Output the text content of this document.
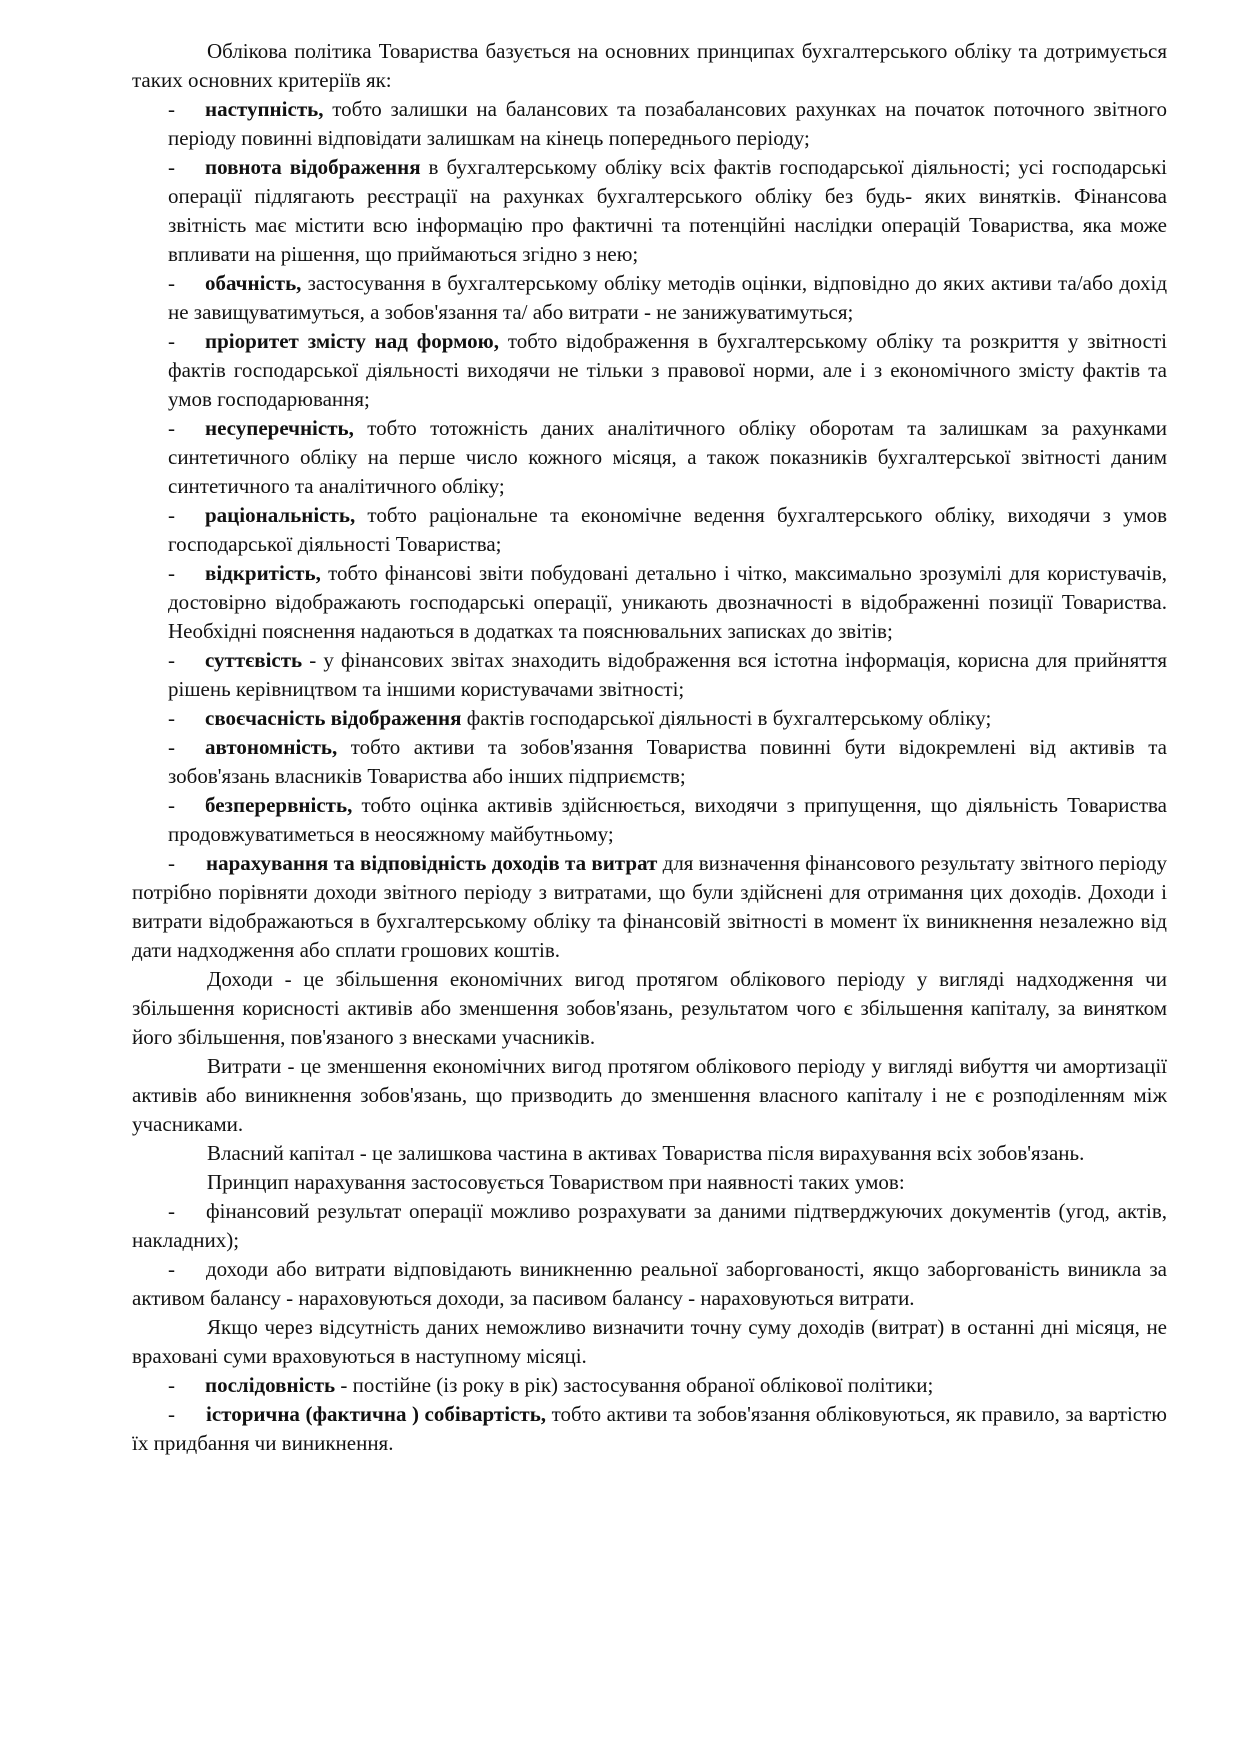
Облікова політика Товариства базується на основних принципах бухгалтерського обліку та дотримується таких основних критеріїв як:

-	наступність, тобто залишки на балансових та позабалансових рахунках на початок поточного звітного періоду повинні відповідати залишкам на кінець попереднього періоду;
-	повнота відображення в бухгалтерському обліку всіх фактів господарської діяльності; усі господарські операції підлягають реєстрації на рахунках бухгалтерського обліку без будь- яких винятків. Фінансова звітність має містити всю інформацію про фактичні та потенційні наслідки операцій Товариства, яка може впливати на рішення, що приймаються згідно з нею;
-	обачність, застосування в бухгалтерському обліку методів оцінки, відповідно до яких активи та/або дохід не завищуватимуться, а зобов'язання та/ або витрати - не занижуватимуться;
-	пріоритет змісту над формою, тобто відображення в бухгалтерському обліку та розкриття у звітності фактів господарської діяльності виходячи не тільки з правової норми, але і з економічного змісту фактів та умов господарювання;
-	несуперечність, тобто тотожність даних аналітичного обліку оборотам та залишкам за рахунками синтетичного обліку на перше число кожного місяця, а також показників бухгалтерської звітності даним синтетичного та аналітичного обліку;
-	раціональність, тобто раціональне та економічне ведення бухгалтерського обліку, виходячи з умов господарської діяльності Товариства;
-	відкритість, тобто фінансові звіти побудовані детально і чітко, максимально зрозумілі для користувачів, достовірно відображають господарські операції, уникають двозначності в відображенні позиції Товариства. Необхідні пояснення надаються в додатках та пояснювальних записках до звітів;
-	суттєвість - у фінансових звітах знаходить відображення вся істотна інформація, корисна для прийняття рішень керівництвом та іншими користувачами звітності;
-	своєчасність відображення фактів господарської діяльності в бухгалтерському обліку;
-	автономність, тобто активи та зобов'язання Товариства повинні бути відокремлені від активів та зобов'язань власників Товариства або інших підприємств;
-	безперервність, тобто оцінка активів здійснюється, виходячи з припущення, що діяльність Товариства продовжуватиметься в неосяжному майбутньому;
-	нарахування та відповідність доходів та витрат для визначення фінансового результату звітного періоду потрібно порівняти доходи звітного періоду з витратами, що були здійснені для отримання цих доходів. Доходи і витрати відображаються в бухгалтерському обліку та фінансовій звітності в момент їх виникнення незалежно від дати надходження або сплати грошових коштів.

Доходи - це збільшення економічних вигод протягом облікового періоду у вигляді надходження чи збільшення корисності активів або зменшення зобов'язань, результатом чого є збільшення капіталу, за винятком його збільшення, пов'язаного з внесками учасників.

Витрати - це зменшення економічних вигод протягом облікового періоду у вигляді вибуття чи амортизації активів або виникнення зобов'язань, що призводить до зменшення власного капіталу і не є розподіленням між учасниками.

Власний капітал - це залишкова частина в активах Товариства після вирахування всіх зобов'язань.

Принцип нарахування застосовується Товариством при наявності таких умов:

-	фінансовий результат операції можливо розрахувати за даними підтверджуючих документів (угод, актів, накладних);
-	доходи або витрати відповідають виникненню реальної заборгованості, якщо заборгованість виникла за активом балансу - нараховуються доходи, за пасивом балансу - нараховуються витрати.

Якщо через відсутність даних неможливо визначити точну суму доходів (витрат) в останні дні місяця, не враховані суми враховуються в наступному місяці.

-	послідовність - постійне (із року в рік) застосування обраної облікової політики;
-	історична (фактична ) собівартість, тобто активи та зобов'язання обліковуються, як правило, за вартістю їх придбання чи виникнення.
